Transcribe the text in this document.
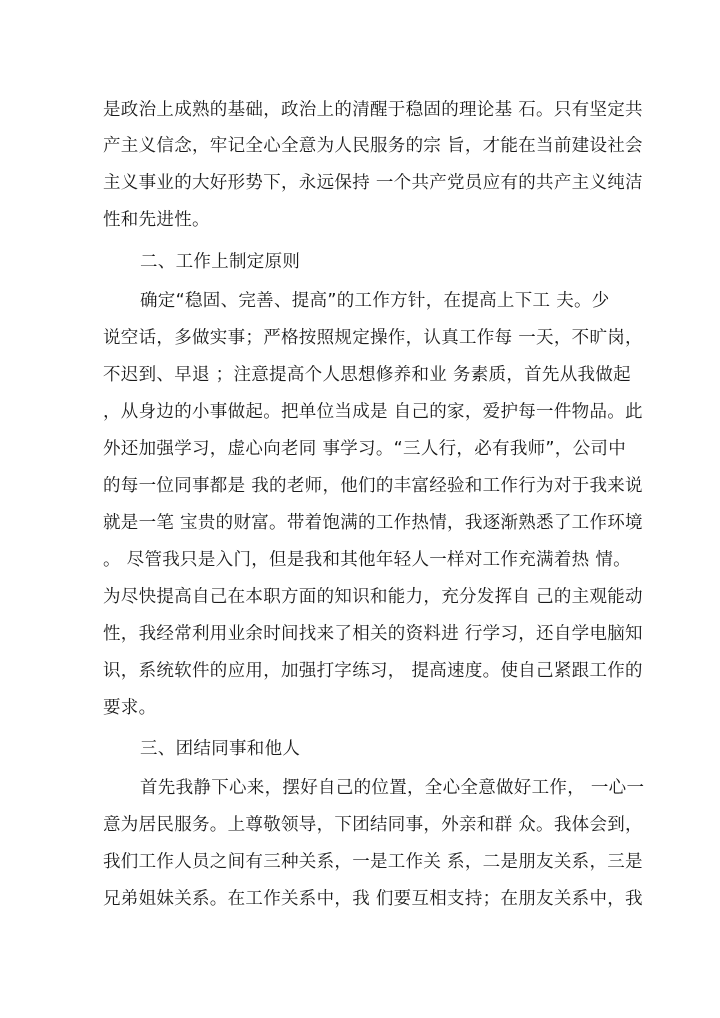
是政治上成熟的基础，政治上的清醒于稳固的理论基 石。只有坚定共
产主义信念，牢记全心全意为人民服务的宗 旨，才能在当前建设社会
主义事业的大好形势下，永远保持 一个共产党员应有的共产主义纯洁
性和先进性。
二、工作上制定原则
确定“稳固、完善、提高”的工作方针，在提高上下工 夫。少
说空话，多做实事；严格按照规定操作，认真工作每 一天，不旷岗，
不迟到、早退 ；注意提高个人思想修养和业 务素质，首先从我做起
，从身边的小事做起。把单位当成是 自己的家，爱护每一件物品。此
外还加强学习，虚心向老同 事学习。“三人行，必有我师”，公司中
的每一位同事都是 我的老师，他们的丰富经验和工作行为对于我来说
就是一笔 宝贵的财富。带着饱满的工作热情，我逐渐熟悉了工作环境
。 尽管我只是入门，但是我和其他年轻人一样对工作充满着热 情。
为尽快提高自己在本职方面的知识和能力，充分发挥自 己的主观能动
性，我经常利用业余时间找来了相关的资料进 行学习，还自学电脑知
识，系统软件的应用，加强打字练习， 提高速度。使自己紧跟工作的
要求。
三、团结同事和他人
首先我静下心来，摆好自己的位置，全心全意做好工作， 一心一
意为居民服务。上尊敬领导，下团结同事，外亲和群 众。我体会到，
我们工作人员之间有三种关系，一是工作关 系，二是朋友关系，三是
兄弟姐妹关系。在工作关系中，我 们要互相支持；在朋友关系中，我
